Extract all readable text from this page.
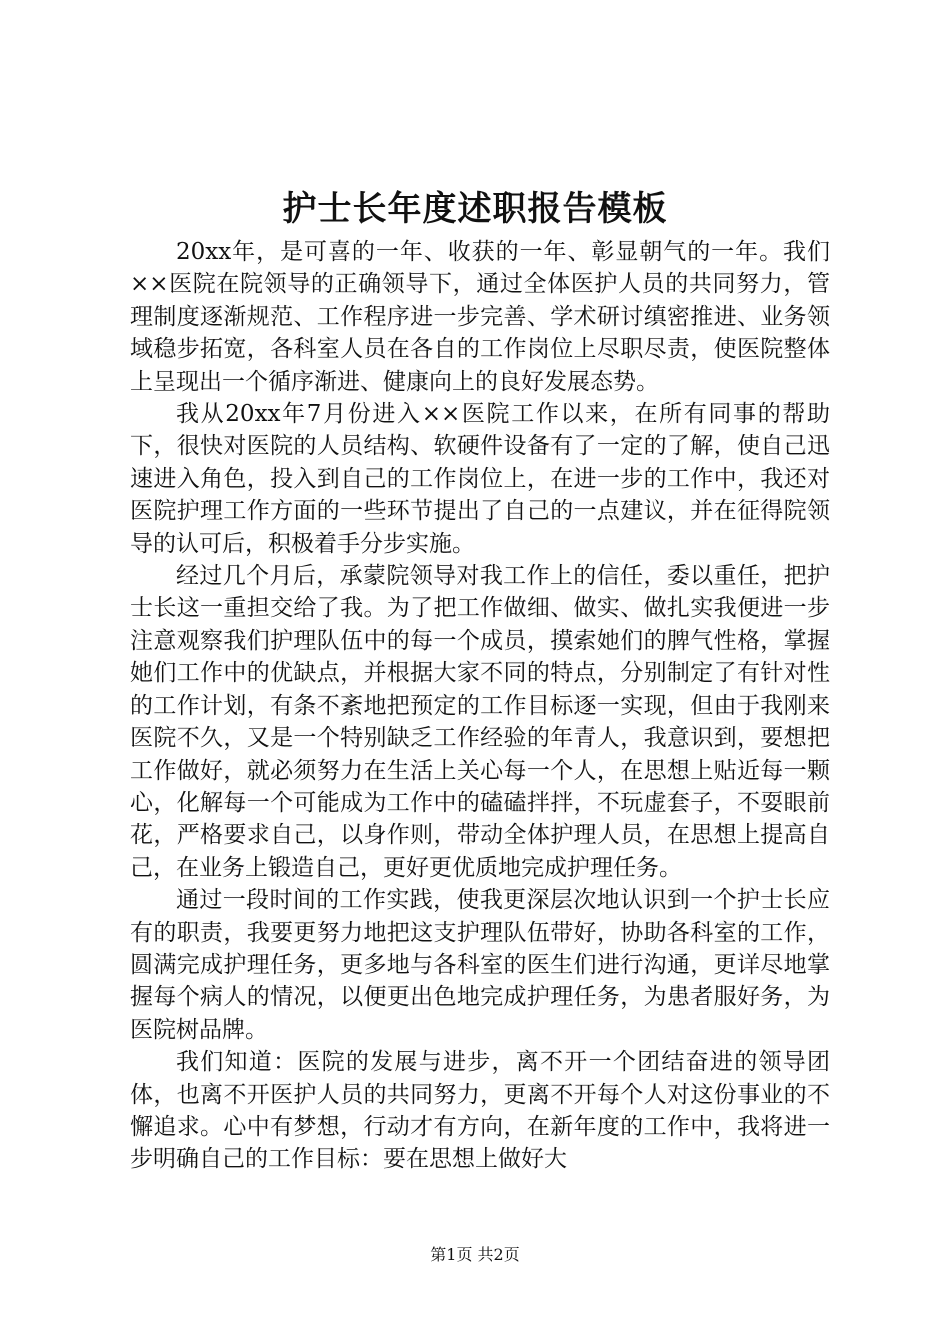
护士长年度述职报告模板

20xx年，是可喜的一年、收获的一年、彰显朝气的一年。我们××医院在院领导的正确领导下，通过全体医护人员的共同努力，管理制度逐渐规范、工作程序进一步完善、学术研讨缜密推进、业务领域稳步拓宽，各科室人员在各自的工作岗位上尽职尽责，使医院整体上呈现出一个循序渐进、健康向上的良好发展态势。

我从20xx年7月份进入××医院工作以来，在所有同事的帮助下，很快对医院的人员结构、软硬件设备有了一定的了解，使自己迅速进入角色，投入到自己的工作岗位上，在进一步的工作中，我还对医院护理工作方面的一些环节提出了自己的一点建议，并在征得院领导的认可后，积极着手分步实施。

经过几个月后，承蒙院领导对我工作上的信任，委以重任，把护士长这一重担交给了我。为了把工作做细、做实、做扎实我便进一步注意观察我们护理队伍中的每一个成员，摸索她们的脾气性格，掌握她们工作中的优缺点，并根据大家不同的特点，分别制定了有针对性的工作计划，有条不紊地把预定的工作目标逐一实现，但由于我刚来医院不久，又是一个特别缺乏工作经验的年青人，我意识到，要想把工作做好，就必须努力在生活上关心每一个人，在思想上贴近每一颗心，化解每一个可能成为工作中的磕磕拌拌，不玩虚套子，不耍眼前花，严格要求自己，以身作则，带动全体护理人员，在思想上提高自己，在业务上锻造自己，更好更优质地完成护理任务。

通过一段时间的工作实践，使我更深层次地认识到一个护士长应有的职责，我要更努力地把这支护理队伍带好，协助各科室的工作，圆满完成护理任务，更多地与各科室的医生们进行沟通，更详尽地掌握每个病人的情况，以便更出色地完成护理任务，为患者服好务，为医院树品牌。

我们知道：医院的发展与进步，离不开一个团结奋进的领导团体，也离不开医护人员的共同努力，更离不开每个人对这份事业的不懈追求。心中有梦想，行动才有方向，在新年度的工作中，我将进一步明确自己的工作目标：要在思想上做好大

第1页 共2页
